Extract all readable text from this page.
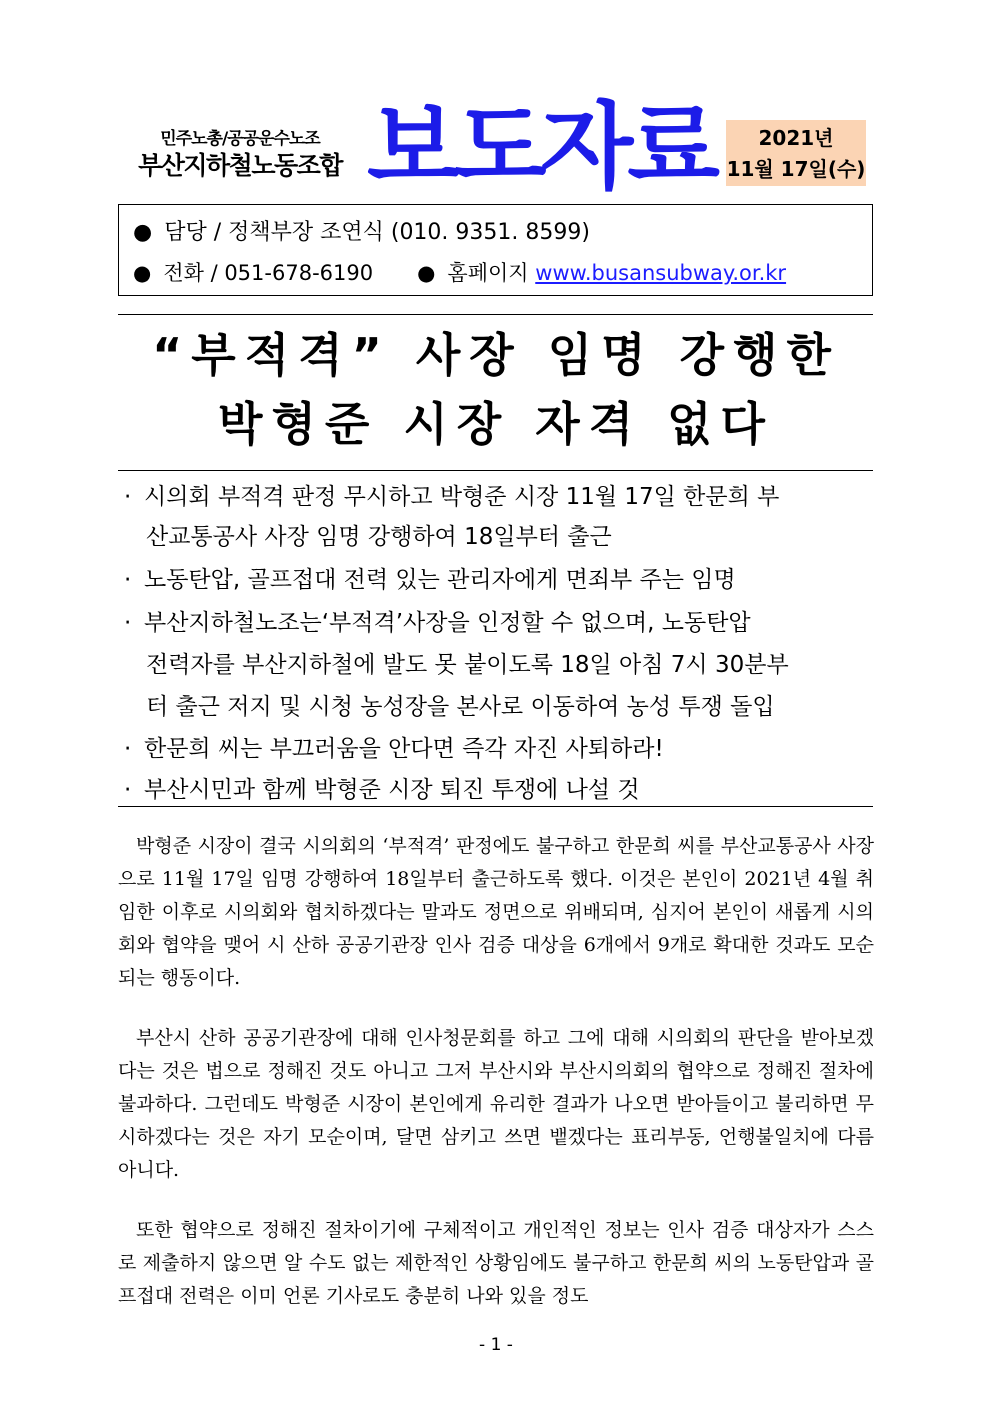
민주노총/공공운수노조
부산지하철노동조합 보도자료	2021년
11월 17일(수)
● 담당 / 정책부장 조연식 (010. 9351. 8599)
● 전화 / 051-678-6190 ● 홈페이지 www.busansubway.or.kr
“부적격” 사장 임명 강행한
박형준 시장 자격 없다
· 시의회 부적격 판정 무시하고 박형준 시장 11월 17일 한문희 부
산교통공사 사장 임명 강행하여 18일부터 출근
· 노동탄압, 골프접대 전력 있는 관리자에게 면죄부 주는 임명
· 부산지하철노조는‘부적격’사장을 인정할 수 없으며, 노동탄압
전력자를 부산지하철에 발도 못 붙이도록 18일 아침 7시 30분부
터 출근 저지 및 시청 농성장을 본사로 이동하여 농성 투쟁 돌입
· 한문희 씨는 부끄러움을 안다면 즉각 자진 사퇴하라!
· 부산시민과 함께 박형준 시장 퇴진 투쟁에 나설 것
박형준 시장이 결국 시의회의 ‘부적격’ 판정에도 불구하고 한문희 씨를 부산교통공사 사장으로 11월 17일 임명 강행하여 18일부터 출근하도록 했다. 이것은 본인이 2021년 4월 취임한 이후로 시의회와 협치하겠다는 말과도 정면으로 위배되며, 심지어 본인이 새롭게 시의회와 협약을 맺어 시 산하 공공기관장 인사 검증 대상을 6개에서 9개로 확대한 것과도 모순되는 행동이다.
부산시 산하 공공기관장에 대해 인사청문회를 하고 그에 대해 시의회의 판단을 받아보겠다는 것은 법으로 정해진 것도 아니고 그저 부산시와 부산시의회의 협약으로 정해진 절차에 불과하다. 그런데도 박형준 시장이 본인에게 유리한 결과가 나오면 받아들이고 불리하면 무시하겠다는 것은 자기 모순이며, 달면 삼키고 쓰면 뱉겠다는 표리부동, 언행불일치에 다름 아니다.
또한 협약으로 정해진 절차이기에 구체적이고 개인적인 정보는 인사 검증 대상자가 스스로 제출하지 않으면 알 수도 없는 제한적인 상황임에도 불구하고 한문희 씨의 노동탄압과 골프접대 전력은 이미 언론 기사로도 충분히 나와 있을 정도
- 1 -
